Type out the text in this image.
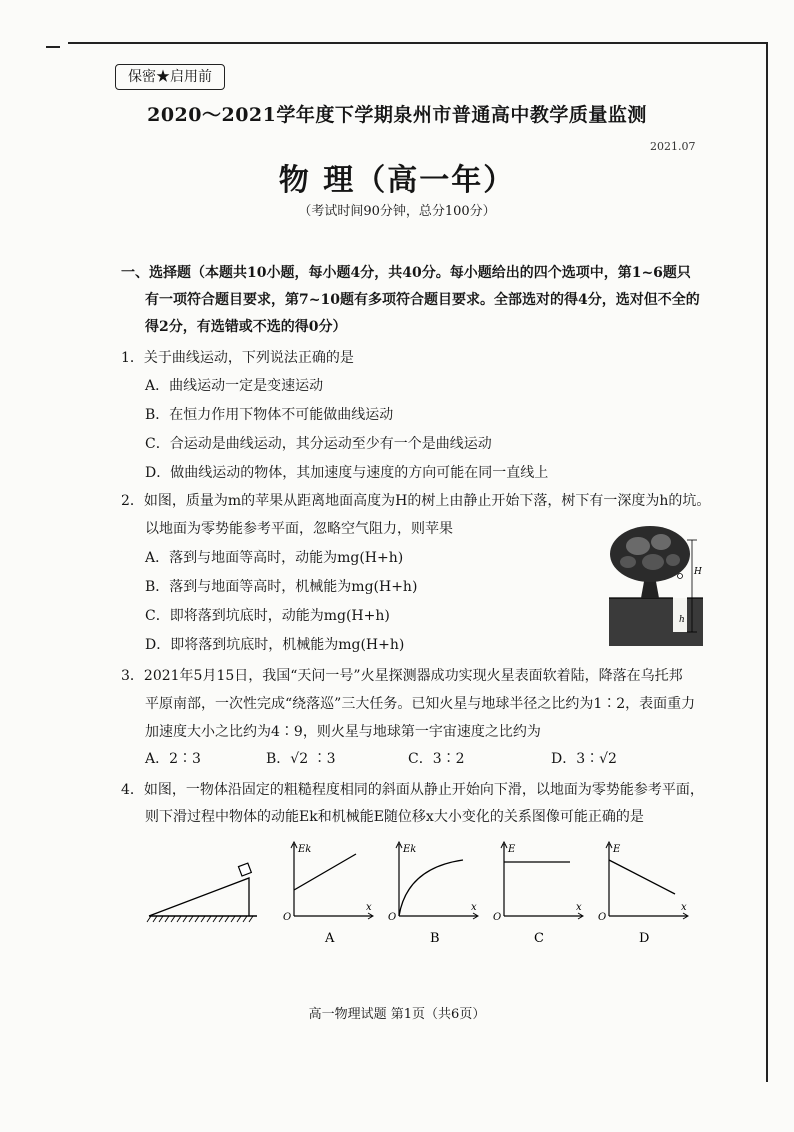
保密★启用前
2020～2021学年度下学期泉州市普通高中教学质量监测
2021.07
物 理（高一年）
（考试时间90分钟，总分100分）
一、选择题（本题共10小题，每小题4分，共40分。每小题给出的四个选项中，第1~6题只
有一项符合题目要求，第7~10题有多项符合题目要求。全部选对的得4分，选对但不全的
得2分，有选错或不选的得0分）
1．关于曲线运动，下列说法正确的是
A．曲线运动一定是变速运动
B．在恒力作用下物体不可能做曲线运动
C．合运动是曲线运动，其分运动至少有一个是曲线运动
D．做曲线运动的物体，其加速度与速度的方向可能在同一直线上
2．如图，质量为m的苹果从距离地面高度为H的树上由静止开始下落，树下有一深度为h的坑。
以地面为零势能参考平面，忽略空气阻力，则苹果
A．落到与地面等高时，动能为mg(H+h)
B．落到与地面等高时，机械能为mg(H+h)
C．即将落到坑底时，动能为mg(H+h)
D．即将落到坑底时，机械能为mg(H+h)
H
h
3．2021年5月15日，我国“天问一号”火星探测器成功实现火星表面软着陆，降落在乌托邦
平原南部，一次性完成“绕落巡”三大任务。已知火星与地球半径之比约为1∶2，表面重力
加速度大小之比约为4∶9，则火星与地球第一宇宙速度之比约为
A．2∶3	B．√2 ∶3	C．3∶2	D．3∶√2
4．如图，一物体沿固定的粗糙程度相同的斜面从静止开始向下滑，以地面为零势能参考平面，
则下滑过程中物体的动能Ek和机械能E随位移x大小变化的关系图像可能正确的是
Ek
x
O
A
Ek
x
O
B
E
x
O
C
E
x
O
D
高一物理试题 第1页（共6页）
